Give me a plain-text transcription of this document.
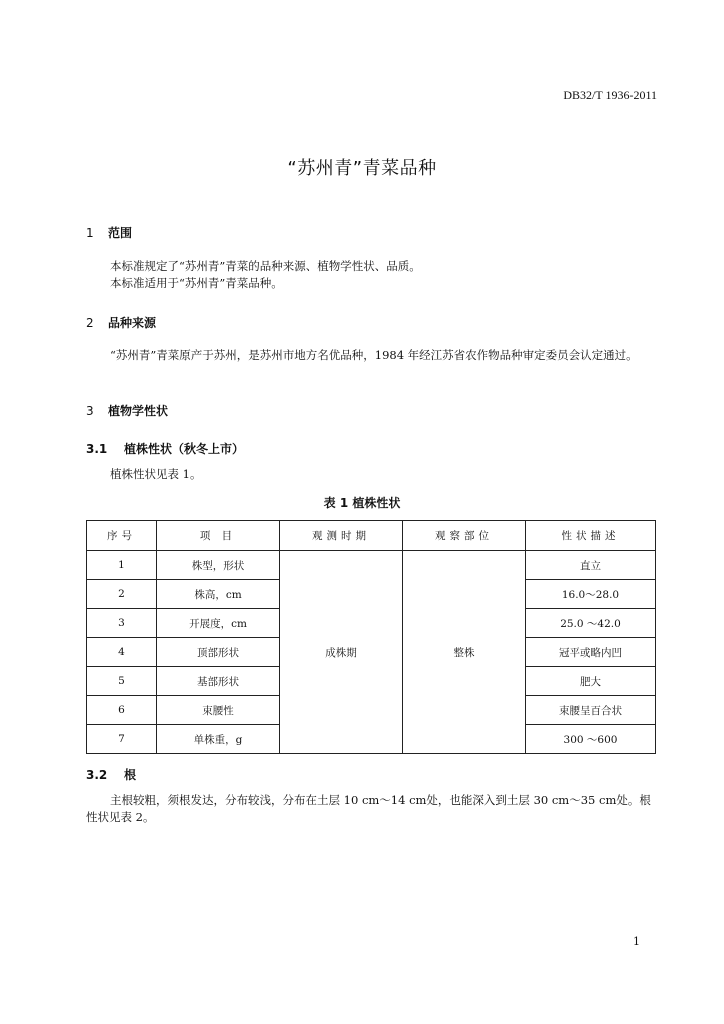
DB32/T 1936-2011
“苏州青”青菜品种
1 范围
本标准规定了“苏州青”青菜的品种来源、植物学性状、品质。
本标准适用于“苏州青”青菜品种。
2 品种来源
“苏州青”青菜原产于苏州，是苏州市地方名优品种，1984 年经江苏省农作物品种审定委员会认定通过。
3 植物学性状
3.1 植株性状（秋冬上市）
植株性状见表 1。
表 1 植株性状
序号	项 目	观测时期	观察部位	性状描述
1	株型，形状	成株期	整株	直立
2	株高，cm			16.0～28.0
3	开展度，cm			25.0 ～42.0
4	顶部形状			冠平或略内凹
5	基部形状			肥大
6	束腰性			束腰呈百合状
7	单株重，g			300 ～600
3.2 根
主根较粗，须根发达，分布较浅，分布在土层 10 cm～14 cm处，也能深入到土层 30 cm～35 cm处。根性状见表 2。
1
